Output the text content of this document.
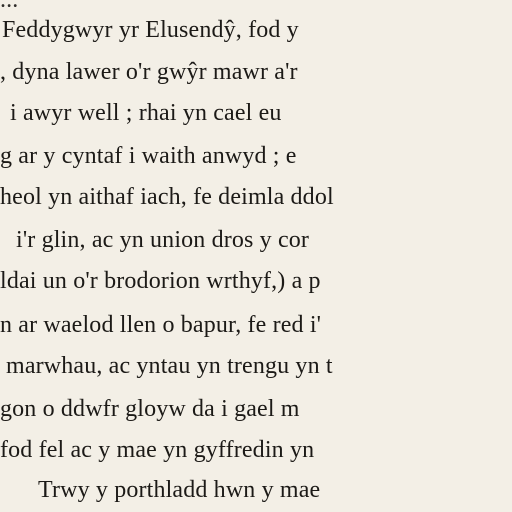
...
Feddygwyr yr Elusendŷ, fod y
, dyna lawer o'r gwŷr mawr a'r
i awyr well ; rhai yn cael eu
g ar y cyntaf i waith anwyd ; e
heol yn aithaf iach, fe deimla ddol
i'r glin, ac yn union dros y cor
ldai un o'r brodorion wrthyf,) a p
n ar waelod llen o bapur, fe red i'
marwhau, ac yntau yn trengu yn t
gon o ddwfr gloyw da i gael m
fod fel ac y mae yn gyffredin yn
Trwy y porthladd hwn y mae
